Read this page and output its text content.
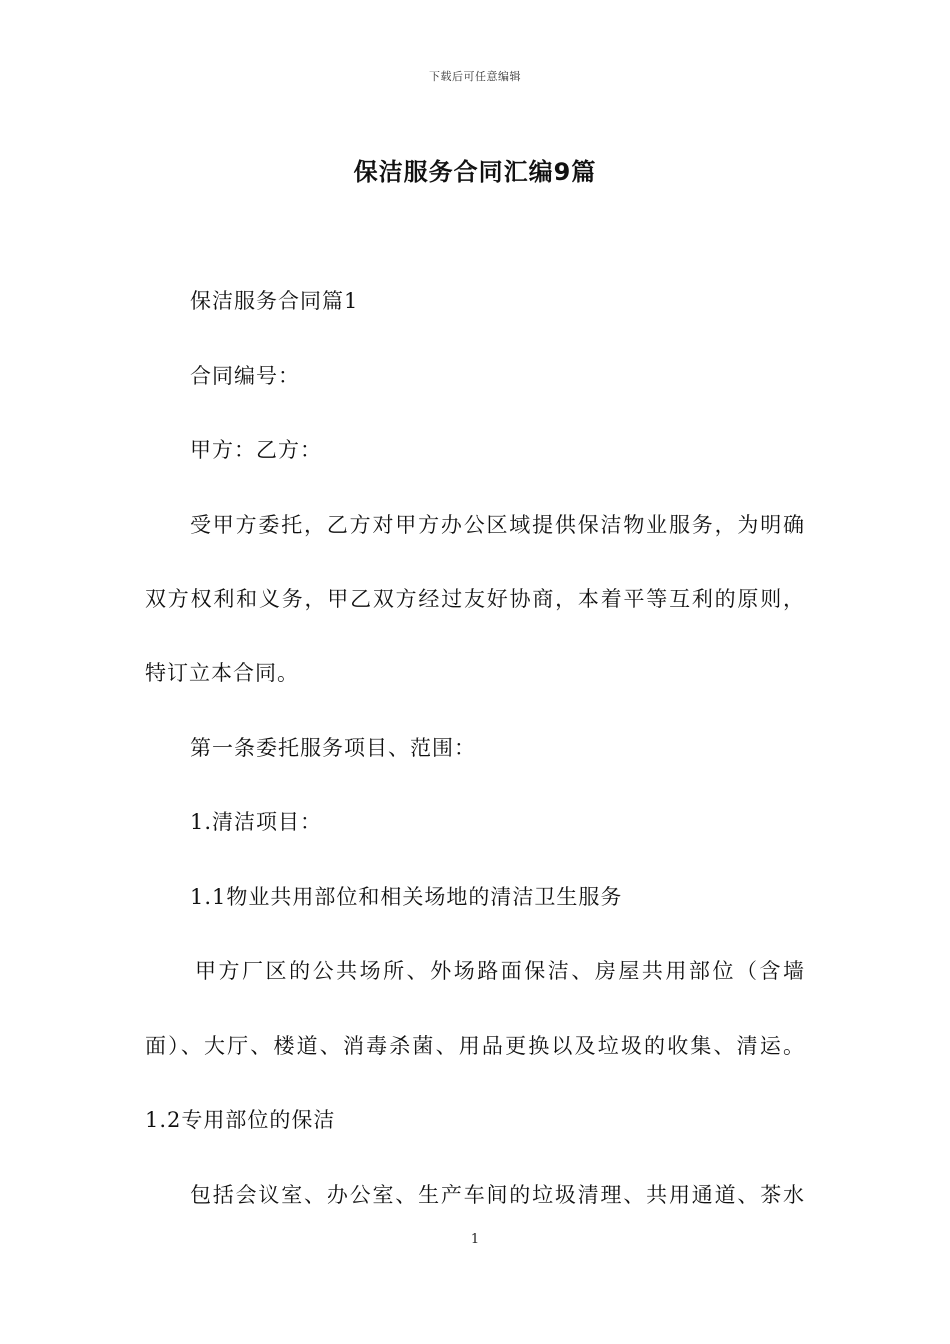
下载后可任意编辑
保洁服务合同汇编9篇
保洁服务合同篇1
合同编号：
甲方：乙方：
受甲方委托，乙方对甲方办公区域提供保洁物业服务，为明确
双方权利和义务，甲乙双方经过友好协商，本着平等互利的原则，
特订立本合同。
第一条委托服务项目、范围：
1.清洁项目：
1.1物业共用部位和相关场地的清洁卫生服务
甲方厂区的公共场所、外场路面保洁、房屋共用部位（含墙
面）、大厅、楼道、消毒杀菌、用品更换以及垃圾的收集、清运。
1.2专用部位的保洁
包括会议室、办公室、生产车间的垃圾清理、共用通道、茶水
1
